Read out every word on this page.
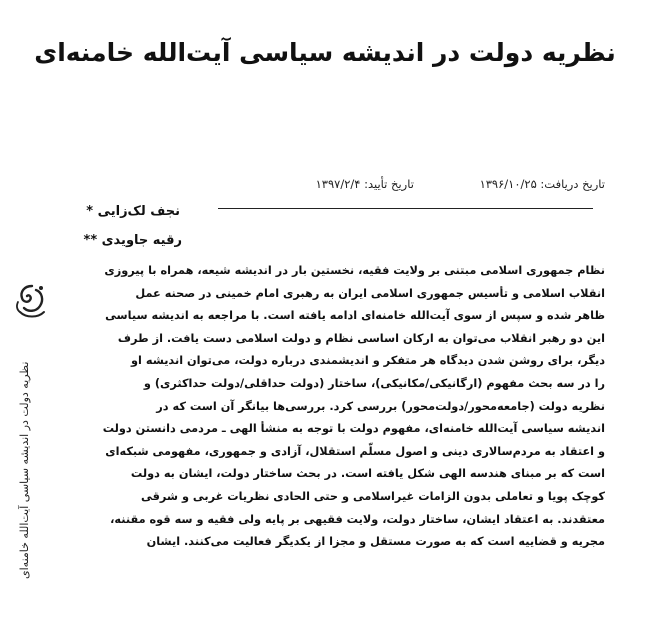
نظریه دولت در اندیشه سیاسی آیت‌الله خامنه‌ای
تاریخ دریافت: ۱۳۹۶/۱۰/۲۵ تاریخ تأیید: ۱۳۹۷/۲/۴
نجف لک‌زایی *
رقیه جاویدی **
نظام جمهوری اسلامی مبتنی بر ولایت فقیه، نخستین بار در اندیشه شیعه، همراه با پیروزی
انقلاب اسلامی و تأسیس جمهوری اسلامی ایران به رهبری امام خمینی در صحنه عمل
ظاهر شده و سپس از سوی آیت‌الله خامنه‌ای ادامه یافته است. با مراجعه به اندیشه سیاسی
این دو رهبر انقلاب می‌توان به ارکان اساسی نظام و دولت اسلامی دست یافت. از طرف
دیگر، برای روشن شدن دیدگاه هر متفکر و اندیشمندی درباره دولت، می‌توان اندیشه او
را در سه بحث مفهوم (ارگانیکی/مکانیکی)، ساختار (دولت حداقلی/دولت حداکثری) و
نظریه دولت (جامعه‌محور/دولت‌محور) بررسی کرد. بررسی‌ها بیانگر آن است که در
اندیشه سیاسی آیت‌الله خامنه‌ای، مفهوم دولت با توجه به منشأ الهی ـ مردمی دانستن دولت
و اعتقاد به مردم‌سالاری دینی و اصول مسلّم استقلال، آزادی و جمهوری، مفهومی شبکه‌ای
است که بر مبنای هندسه الهی شکل یافته است. در بحث ساختار دولت، ایشان به دولت
کوچک پویا و تعاملی بدون الزامات غیراسلامی و حتی الحادی نظریات غربی و شرقی
معتقدند. به اعتقاد ایشان، ساختار دولت، ولایت فقیهی بر پایه ولی فقیه و سه قوه مقننه،
مجریه و قضاییه است که به صورت مستقل و مجزا از یکدیگر فعالیت می‌کنند. ایشان
نظریه دولت در اندیشه سیاسی آیت‌الله خامنه‌ای
